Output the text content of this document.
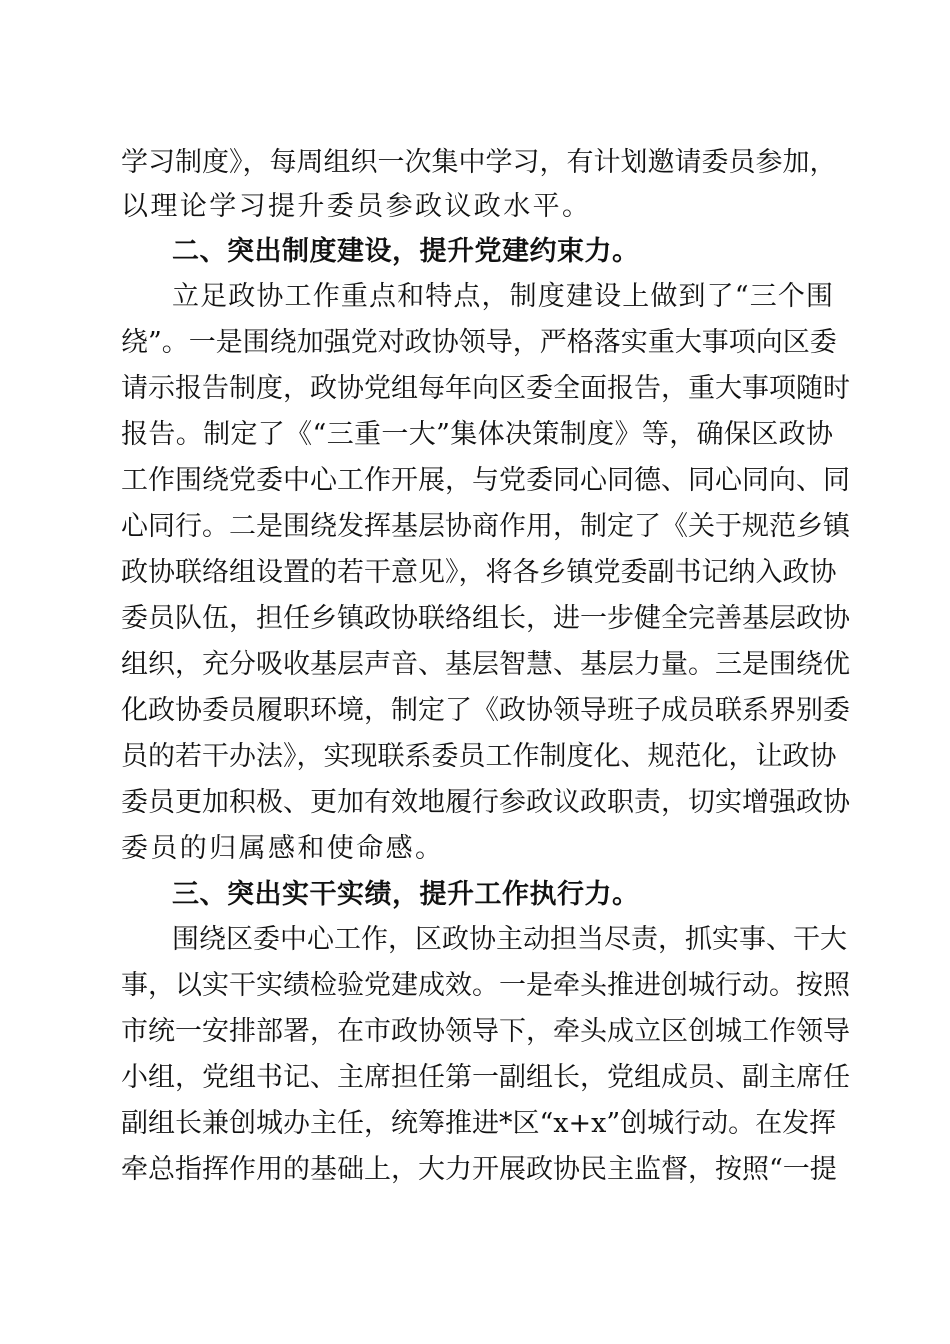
学习制度》，每周组织一次集中学习，有计划邀请委员参加，
以理论学习提升委员参政议政水平。
二、突出制度建设，提升党建约束力。
立足政协工作重点和特点，制度建设上做到了“三个围
绕”。一是围绕加强党对政协领导，严格落实重大事项向区委
请示报告制度，政协党组每年向区委全面报告，重大事项随时
报告。制定了《“三重一大”集体决策制度》等，确保区政协
工作围绕党委中心工作开展，与党委同心同德、同心同向、同
心同行。二是围绕发挥基层协商作用，制定了《关于规范乡镇
政协联络组设置的若干意见》，将各乡镇党委副书记纳入政协
委员队伍，担任乡镇政协联络组长，进一步健全完善基层政协
组织，充分吸收基层声音、基层智慧、基层力量。三是围绕优
化政协委员履职环境，制定了《政协领导班子成员联系界别委
员的若干办法》，实现联系委员工作制度化、规范化，让政协
委员更加积极、更加有效地履行参政议政职责，切实增强政协
委员的归属感和使命感。
三、突出实干实绩，提升工作执行力。
围绕区委中心工作，区政协主动担当尽责，抓实事、干大
事，以实干实绩检验党建成效。一是牵头推进创城行动。按照
市统一安排部署，在市政协领导下，牵头成立区创城工作领导
小组，党组书记、主席担任第一副组长，党组成员、副主席任
副组长兼创城办主任，统筹推进*区“x+x”创城行动。在发挥
牵总指挥作用的基础上，大力开展政协民主监督，按照“一提
